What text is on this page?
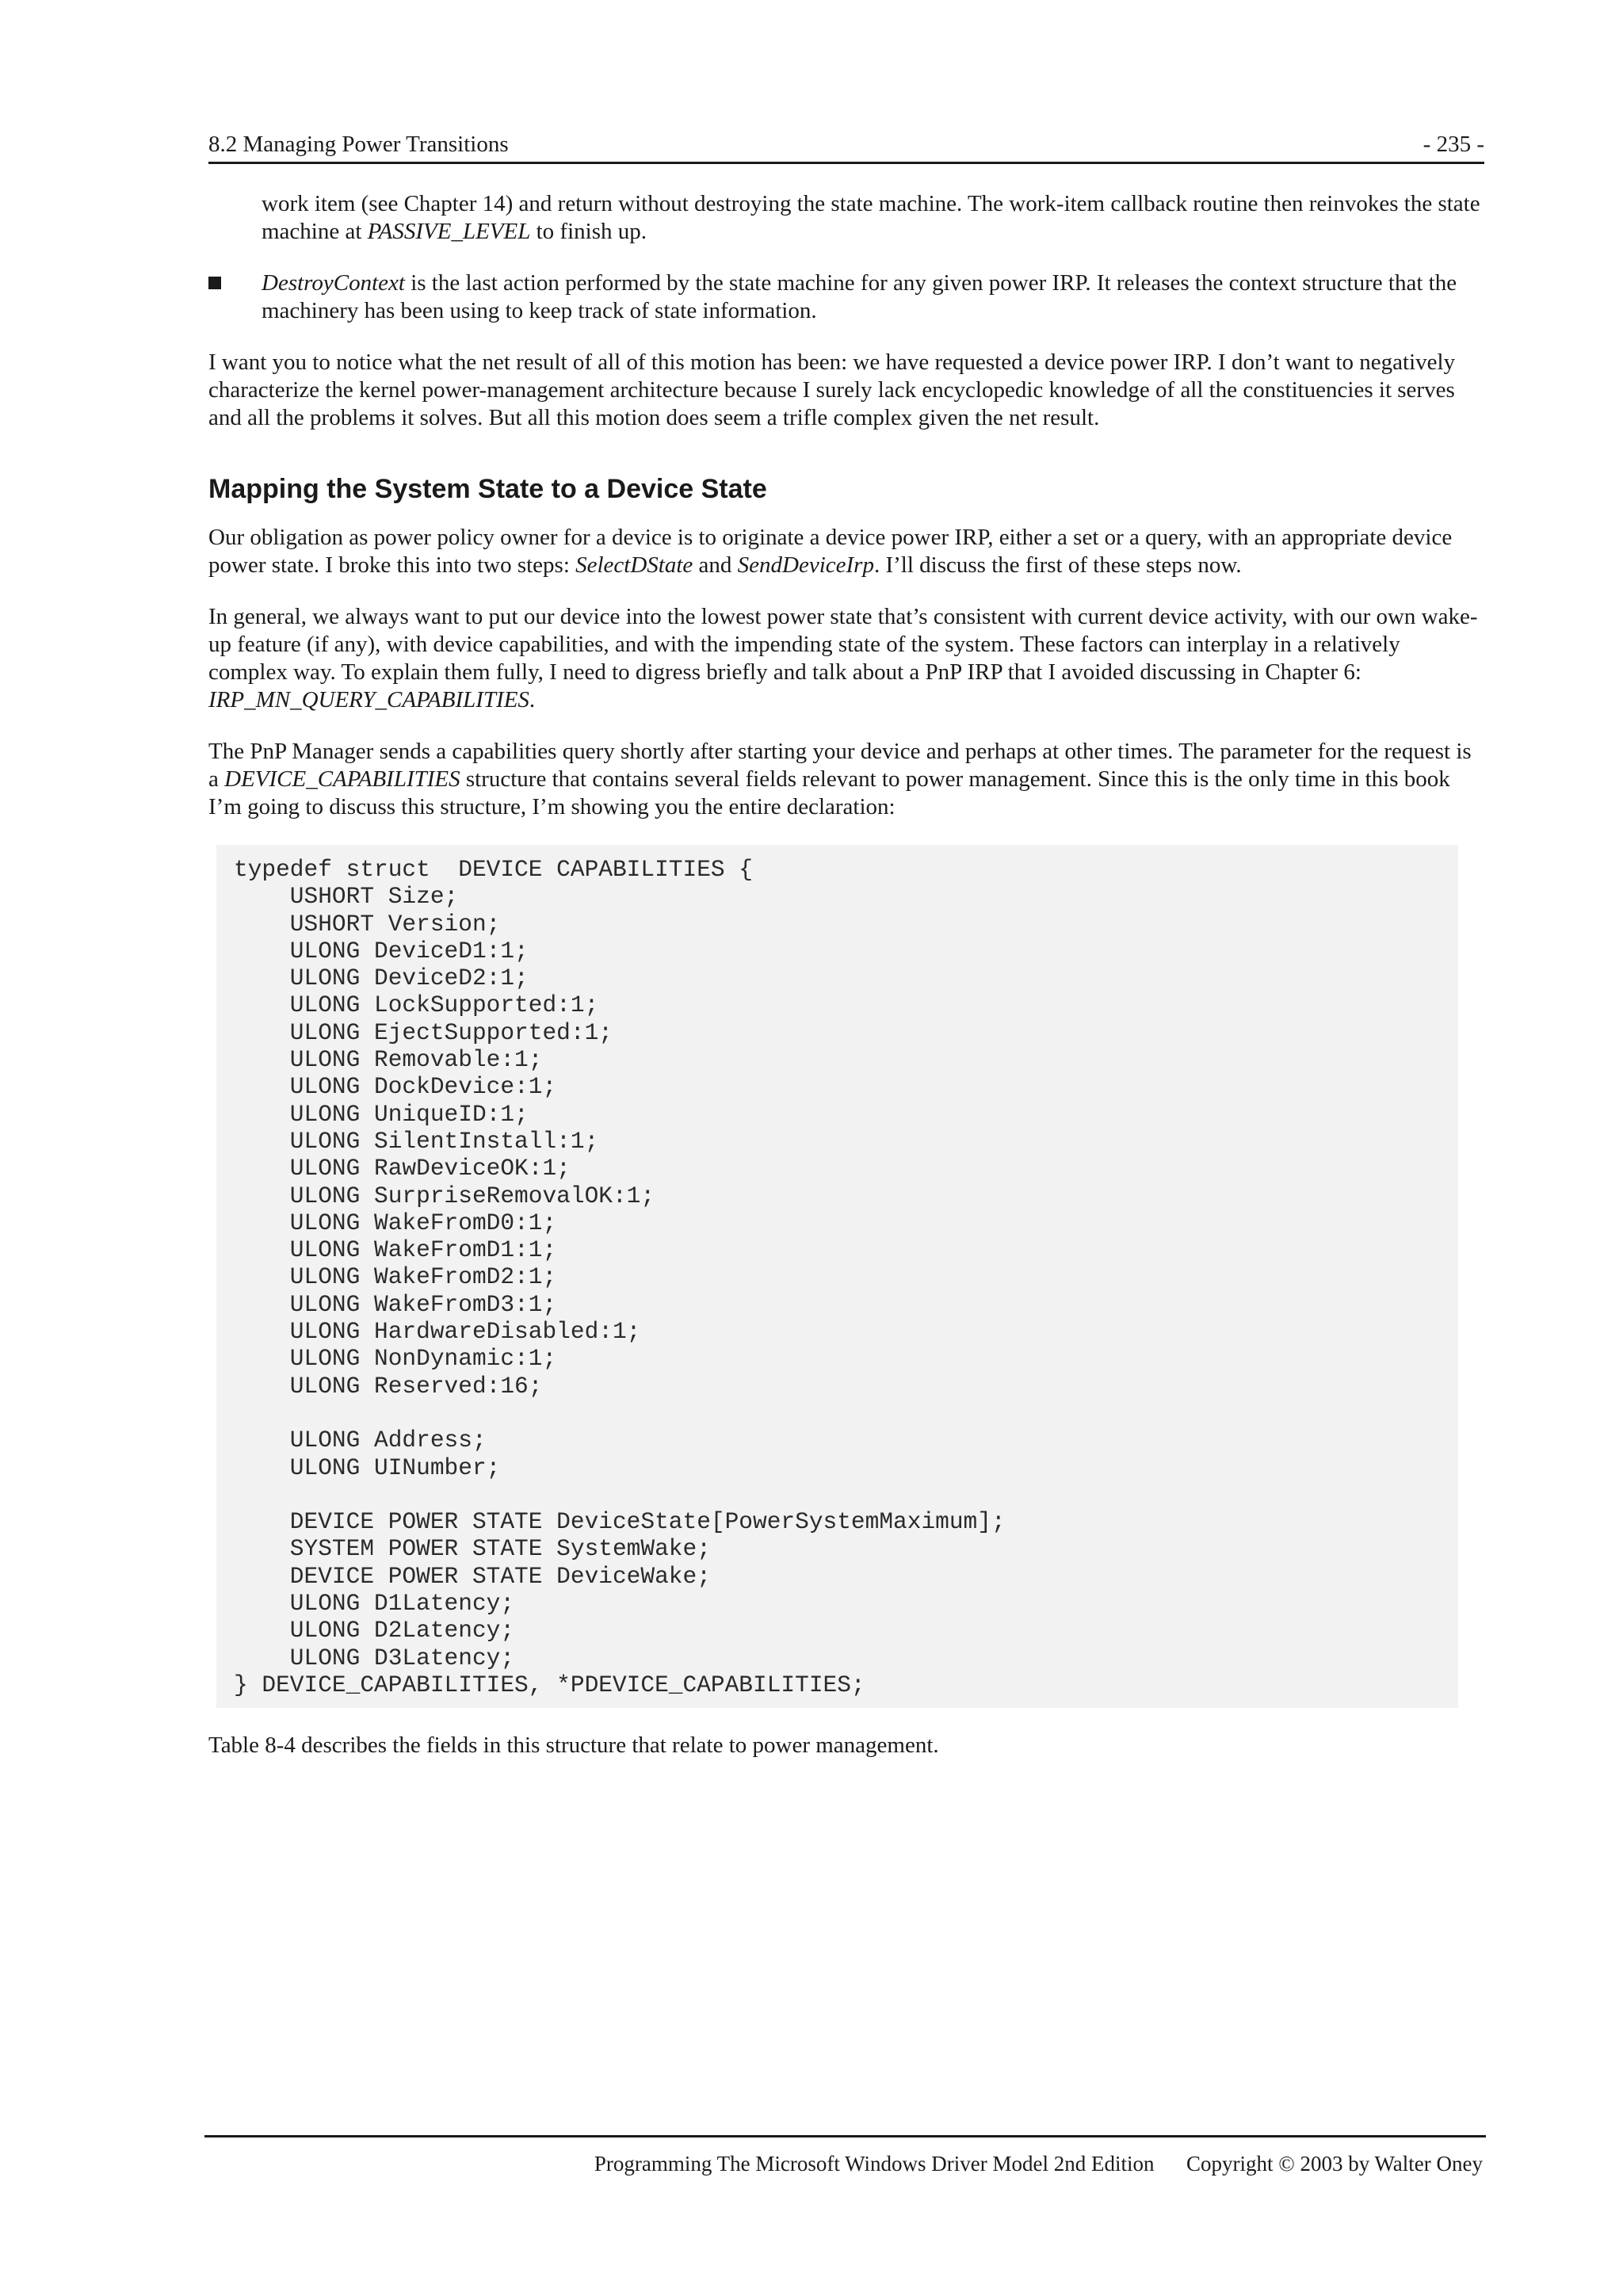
8.2 Managing Power Transitions	- 235 -

work item (see Chapter 14) and return without destroying the state machine. The work-item callback routine then reinvokes the state machine at PASSIVE_LEVEL to finish up.

DestroyContext is the last action performed by the state machine for any given power IRP. It releases the context structure that the machinery has been using to keep track of state information.

I want you to notice what the net result of all of this motion has been: we have requested a device power IRP. I don’t want to negatively characterize the kernel power-management architecture because I surely lack encyclopedic knowledge of all the constituencies it serves and all the problems it solves. But all this motion does seem a trifle complex given the net result.

Mapping the System State to a Device State

Our obligation as power policy owner for a device is to originate a device power IRP, either a set or a query, with an appropriate device power state. I broke this into two steps: SelectDState and SendDeviceIrp. I’ll discuss the first of these steps now.

In general, we always want to put our device into the lowest power state that’s consistent with current device activity, with our own wake-up feature (if any), with device capabilities, and with the impending state of the system. These factors can interplay in a relatively complex way. To explain them fully, I need to digress briefly and talk about a PnP IRP that I avoided discussing in Chapter 6: IRP_MN_QUERY_CAPABILITIES.

The PnP Manager sends a capabilities query shortly after starting your device and perhaps at other times. The parameter for the request is a DEVICE_CAPABILITIES structure that contains several fields relevant to power management. Since this is the only time in this book I’m going to discuss this structure, I’m showing you the entire declaration:

typedef struct  DEVICE CAPABILITIES {
USHORT Size;
USHORT Version;
ULONG DeviceD1:1;
ULONG DeviceD2:1;
ULONG LockSupported:1;
ULONG EjectSupported:1;
ULONG Removable:1;
ULONG DockDevice:1;
ULONG UniqueID:1;
ULONG SilentInstall:1;
ULONG RawDeviceOK:1;
ULONG SurpriseRemovalOK:1;
ULONG WakeFromD0:1;
ULONG WakeFromD1:1;
ULONG WakeFromD2:1;
ULONG WakeFromD3:1;
ULONG HardwareDisabled:1;
ULONG NonDynamic:1;
ULONG Reserved:16;

ULONG Address;
ULONG UINumber;

DEVICE POWER STATE DeviceState[PowerSystemMaximum];
SYSTEM POWER STATE SystemWake;
DEVICE POWER STATE DeviceWake;
ULONG D1Latency;
ULONG D2Latency;
ULONG D3Latency;
} DEVICE_CAPABILITIES, *PDEVICE_CAPABILITIES;

Table 8-4 describes the fields in this structure that relate to power management.

Programming The Microsoft Windows Driver Model 2nd Edition Copyright © 2003 by Walter Oney
